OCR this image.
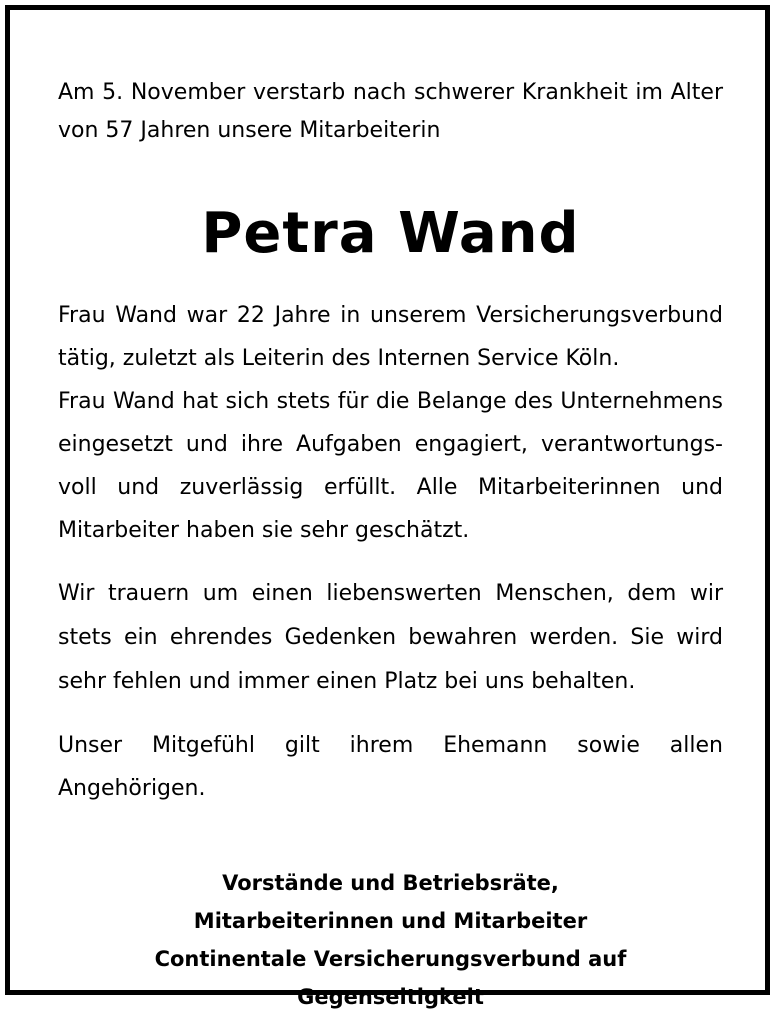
Am 5. November verstarb nach schwerer Krankheit im Alter
von 57 Jahren unsere Mitarbeiterin

Petra Wand

Frau Wand war 22 Jahre in unserem Versicherungsverbund
tätig, zuletzt als Leiterin des Internen Service Köln.

Frau Wand hat sich stets für die Belange des Unternehmens
eingesetzt und ihre Aufgaben engagiert, verantwortungs-
voll und zuverlässig erfüllt. Alle Mitarbeiterinnen und
Mitarbeiter haben sie sehr geschätzt.

Wir trauern um einen liebenswerten Menschen, dem wir
stets ein ehrendes Gedenken bewahren werden. Sie wird
sehr fehlen und immer einen Platz bei uns behalten.

Unser Mitgefühl gilt ihrem Ehemann sowie allen Angehörigen.

Vorstände und Betriebsräte,
Mitarbeiterinnen und Mitarbeiter
Continentale Versicherungsverbund auf Gegenseitigkeit
